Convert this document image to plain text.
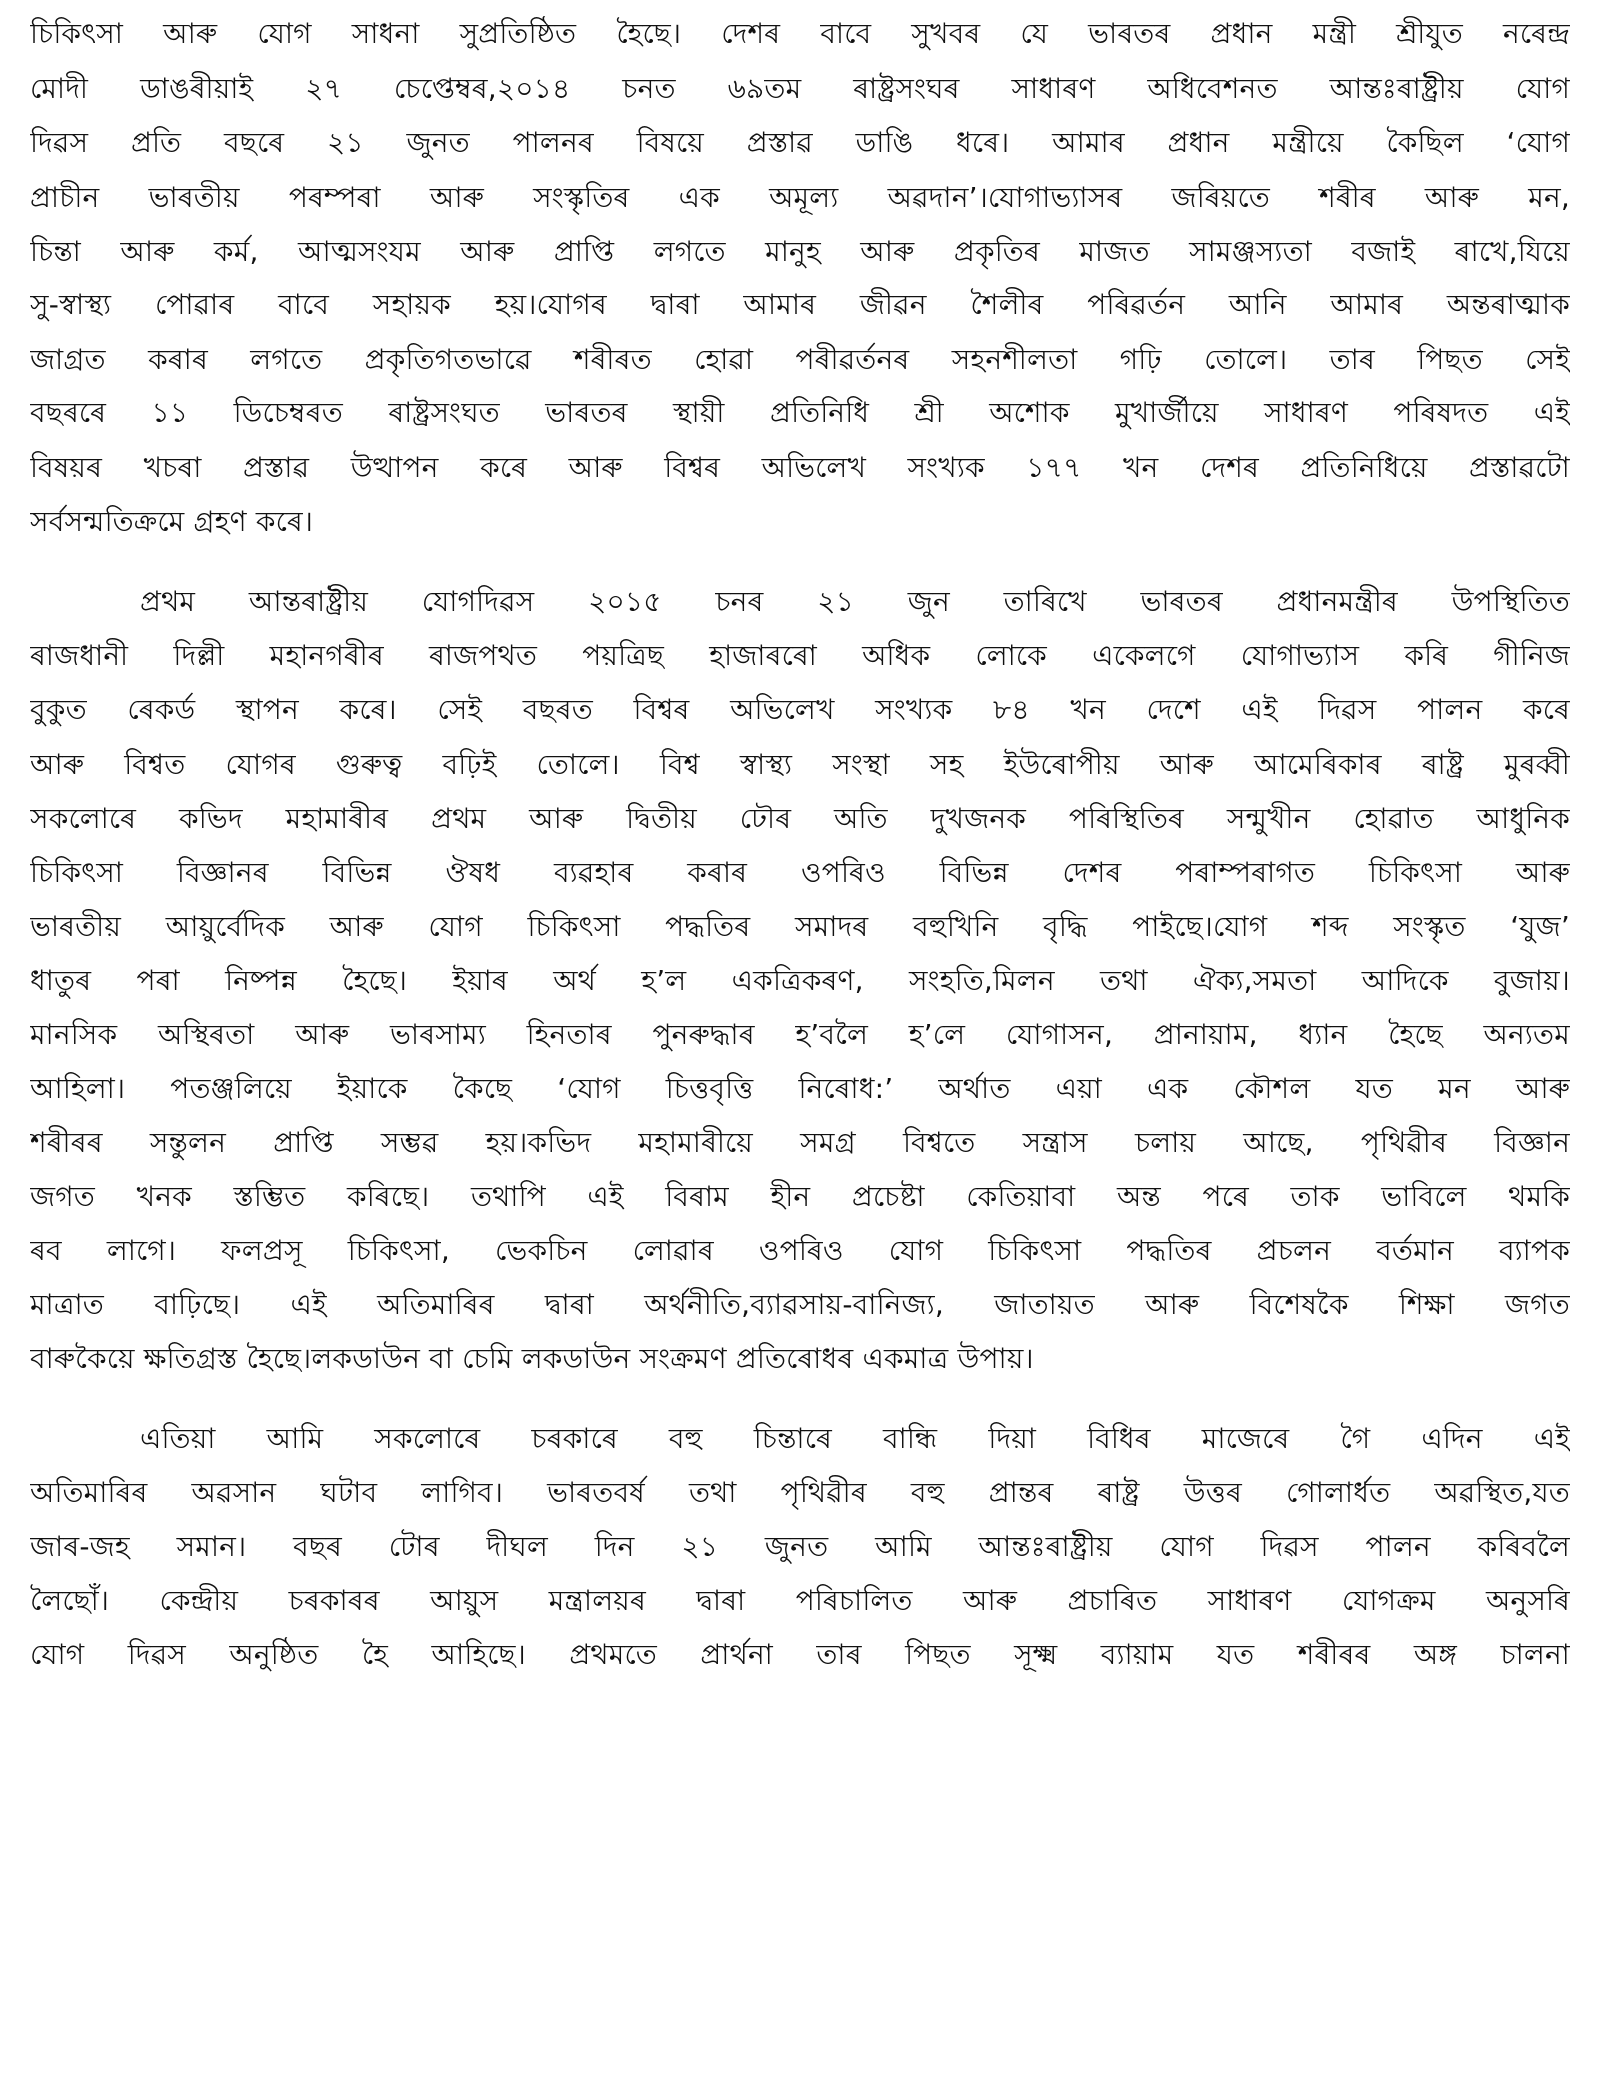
চিকিৎসা আৰু যোগ সাধনা সুপ্ৰতিষ্ঠিত হৈছে। দেশৰ বাবে সুখবৰ যে ভাৰতৰ প্ৰধান মন্ত্ৰী শ্ৰীযুত নৰেন্দ্ৰ
মোদী ডাঙৰীয়াই ২৭ চেপ্তেম্বৰ,২০১৪ চনত ৬৯তম ৰাষ্ট্ৰসংঘৰ সাধাৰণ অধিবেশনত আন্তঃৰাষ্ট্ৰীয় যোগ
দিৱস প্ৰতি বছৰে ২১ জুনত পালনৰ বিষয়ে প্ৰস্তাৱ ডাঙি ধৰে। আমাৰ প্ৰধান মন্ত্ৰীয়ে কৈছিল ‘যোগ
প্ৰাচীন ভাৰতীয় পৰম্পৰা আৰু সংস্কৃতিৰ এক অমূল্য অৱদান’।যোগাভ্যাসৰ জৰিয়তে শৰীৰ আৰু মন,
চিন্তা আৰু কৰ্ম, আত্মসংযম আৰু প্ৰাপ্তি লগতে মানুহ আৰু প্ৰকৃতিৰ মাজত সামঞ্জস্যতা বজাই ৰাখে,যিয়ে
সু-স্বাস্থ্য পোৱাৰ বাবে সহায়ক হয়।যোগৰ দ্বাৰা আমাৰ জীৱন শৈলীৰ পৰিৱৰ্তন আনি আমাৰ অন্তৰাত্মাক
জাগ্ৰত কৰাৰ লগতে প্ৰকৃতিগতভাৱে শৰীৰত হোৱা পৰীৱৰ্তনৰ সহনশীলতা গঢ়ি তোলে। তাৰ পিছত সেই
বছৰৰে ১১ ডিচেম্বৰত ৰাষ্ট্ৰসংঘত ভাৰতৰ স্থায়ী প্ৰতিনিধি শ্ৰী অশোক মুখাৰ্জীয়ে সাধাৰণ পৰিষদত এই
বিষয়ৰ খচৰা প্ৰস্তাৱ উত্থাপন কৰে আৰু বিশ্বৰ অভিলেখ সংখ্যক ১৭৭ খন দেশৰ প্ৰতিনিধিয়ে প্ৰস্তাৱটো
সৰ্বসন্মতিক্ৰমে গ্ৰহণ কৰে।
প্ৰথম আন্তৰাষ্ট্ৰীয় যোগদিৱস ২০১৫ চনৰ ২১ জুন তাৰিখে ভাৰতৰ প্ৰধানমন্ত্ৰীৰ উপস্থিতিত
ৰাজধানী দিল্লী মহানগৰীৰ ৰাজপথত পয়ত্ৰিছ হাজাৰৰো অধিক লোকে একেলগে যোগাভ্যাস কৰি গীনিজ
বুকুত ৰেকৰ্ড স্থাপন কৰে। সেই বছৰত বিশ্বৰ অভিলেখ সংখ্যক ৮৪ খন দেশে এই দিৱস পালন কৰে
আৰু বিশ্বত যোগৰ গুৰুত্ব বঢ়িই তোলে। বিশ্ব স্বাস্থ্য সংস্থা সহ ইউৰোপীয় আৰু আমেৰিকাৰ ৰাষ্ট্ৰ মুৰব্বী
সকলোৰে কভিদ মহামাৰীৰ প্ৰথম আৰু দ্বিতীয় ঢৌৰ অতি দুখজনক পৰিস্থিতিৰ সন্মুখীন হোৱাত আধুনিক
চিকিৎসা বিজ্ঞানৰ বিভিন্ন ঔষধ ব্যৱহাৰ কৰাৰ ওপৰিও বিভিন্ন দেশৰ পৰাম্পৰাগত চিকিৎসা আৰু
ভাৰতীয় আয়ুৰ্বেদিক আৰু যোগ চিকিৎসা পদ্ধতিৰ সমাদৰ বহুখিনি বৃদ্ধি পাইছে।যোগ শব্দ সংস্কৃত ‘যুজ’
ধাতুৰ পৰা নিষ্পন্ন হৈছে। ইয়াৰ অৰ্থ হ’ল একত্ৰিকৰণ, সংহতি,মিলন তথা ঐক্য,সমতা আদিকে বুজায়।
মানসিক অস্থিৰতা আৰু ভাৰসাম্য হিনতাৰ পুনৰুদ্ধাৰ হ’বলৈ হ’লে যোগাসন, প্ৰানায়াম, ধ্যান হৈছে অন্যতম
আহিলা। পতঞ্জলিয়ে ইয়াকে কৈছে ‘যোগ চিত্তবৃত্তি নিৰোধ:’ অৰ্থাত এয়া এক কৌশল যত মন আৰু
শৰীৰৰ সন্তুলন প্ৰাপ্তি সম্ভৱ হয়।কভিদ মহামাৰীয়ে সমগ্ৰ বিশ্বতে সন্ত্ৰাস চলায় আছে, পৃথিৱীৰ বিজ্ঞান
জগত খনক স্তম্ভিত কৰিছে। তথাপি এই বিৰাম হীন প্ৰচেষ্টা কেতিয়াবা অন্ত পৰে তাক ভাবিলে থমকি
ৰব লাগে। ফলপ্ৰসূ চিকিৎসা, ভেকচিন লোৱাৰ ওপৰিও যোগ চিকিৎসা পদ্ধতিৰ প্ৰচলন বৰ্তমান ব্যাপক
মাত্ৰাত বাঢ়িছে। এই অতিমাৰিৰ দ্বাৰা অৰ্থনীতি,ব্যাৱসায়-বানিজ্য, জাতায়ত আৰু বিশেষকৈ শিক্ষা জগত
বাৰুকৈয়ে ক্ষতিগ্ৰস্ত হৈছে।লকডাউন বা চেমি লকডাউন সংক্ৰমণ প্ৰতিৰোধৰ একমাত্ৰ উপায়।
এতিয়া আমি সকলোৰে চৰকাৰে বহু চিন্তাৰে বান্ধি দিয়া বিধিৰ মাজেৰে গৈ এদিন এই
অতিমাৰিৰ অৱসান ঘটাব লাগিব। ভাৰতবৰ্ষ তথা পৃথিৱীৰ বহু প্ৰান্তৰ ৰাষ্ট্ৰ উত্তৰ গোলাৰ্ধত অৱস্থিত,যত
জাৰ-জহ সমান। বছৰ টোৰ দীঘল দিন ২১ জুনত আমি আন্তঃৰাষ্ট্ৰীয় যোগ দিৱস পালন কৰিবলৈ
লৈছোঁ। কেন্দ্ৰীয় চৰকাৰৰ আয়ুস মন্ত্ৰালয়ৰ দ্বাৰা পৰিচালিত আৰু প্ৰচাৰিত সাধাৰণ যোগক্ৰম অনুসৰি
যোগ দিৱস অনুষ্ঠিত হৈ আহিছে। প্ৰথমতে প্ৰাৰ্থনা তাৰ পিছত সূক্ষ্ম ব্যায়াম যত শৰীৰৰ অঙ্গ চালনা
